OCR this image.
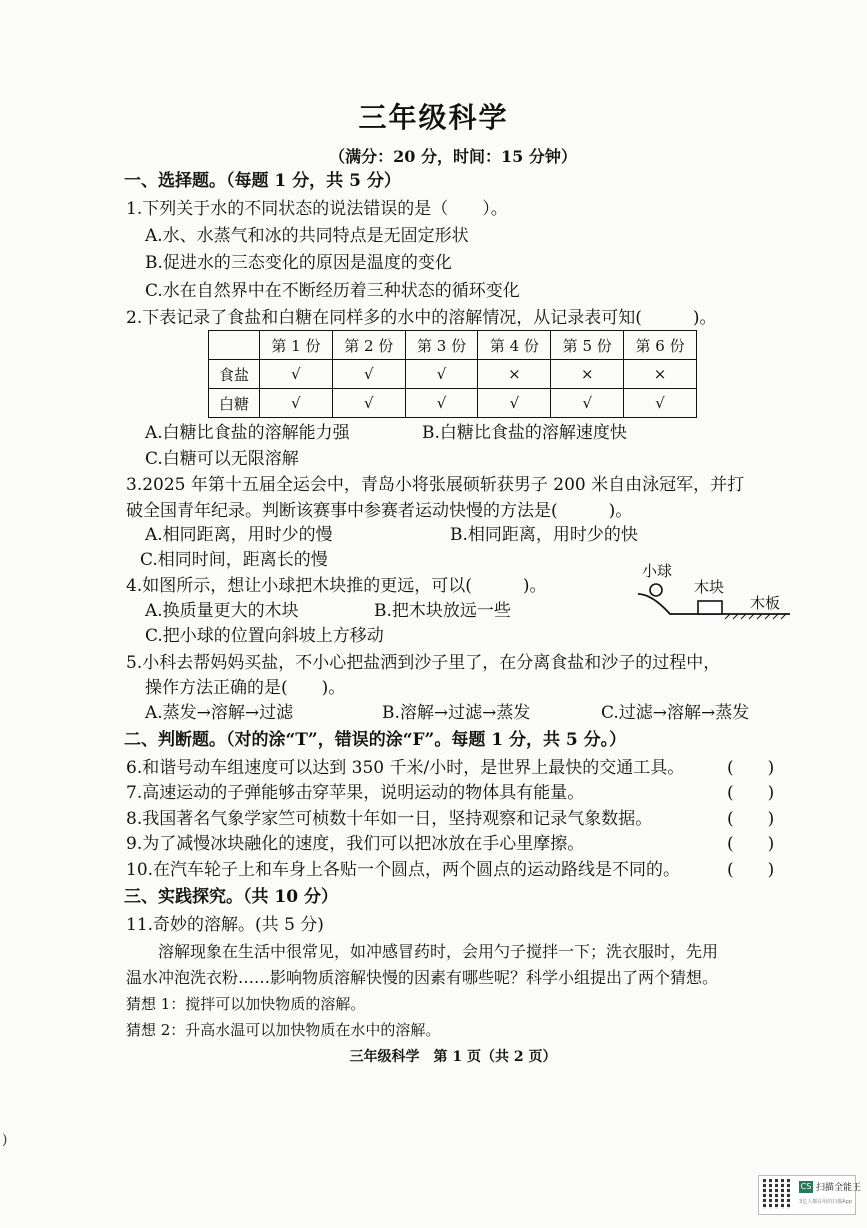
三年级科学
（满分：20 分，时间：15 分钟）
一、选择题。（每题 1 分，共 5 分）
1.下列关于水的不同状态的说法错误的是（　　）。
A.水、水蒸气和冰的共同特点是无固定形状
B.促进水的三态变化的原因是温度的变化
C.水在自然界中在不断经历着三种状态的循环变化
2.下表记录了食盐和白糖在同样多的水中的溶解情况，从记录表可知(　　　)。
	第 1 份	第 2 份	第 3 份	第 4 份	第 5 份	第 6 份
食盐	√	√	√	×	×	×
白糖	√	√	√	√	√	√
A.白糖比食盐的溶解能力强	B.白糖比食盐的溶解速度快
C.白糖可以无限溶解
3.2025 年第十五届全运会中，青岛小将张展硕斩获男子 200 米自由泳冠军，并打
破全国青年纪录。判断该赛事中参赛者运动快慢的方法是(　　　)。
A.相同距离，用时少的慢	B.相同距离，用时少的快
C.相同时间，距离长的慢
4.如图所示，想让小球把木块推的更远，可以(　　　)。
A.换质量更大的木块	B.把木块放远一些
C.把小球的位置向斜坡上方移动
小球
木块
木板
5.小科去帮妈妈买盐，不小心把盐洒到沙子里了，在分离食盐和沙子的过程中，
操作方法正确的是(　　)。
A.蒸发→溶解→过滤	B.溶解→过滤→蒸发	C.过滤→溶解→蒸发
二、判断题。（对的涂“T”，错误的涂“F”。每题 1 分，共 5 分。）
6.和谐号动车组速度可以达到 350 千米/小时，是世界上最快的交通工具。	(　　)
7.高速运动的子弹能够击穿苹果，说明运动的物体具有能量。	(　　)
8.我国著名气象学家竺可桢数十年如一日，坚持观察和记录气象数据。	(　　)
9.为了减慢冰块融化的速度，我们可以把冰放在手心里摩擦。	(　　)
10.在汽车轮子上和车身上各贴一个圆点，两个圆点的运动路线是不同的。	(　　)
三、实践探究。（共 10 分）
11.奇妙的溶解。(共 5 分)
溶解现象在生活中很常见，如冲感冒药时，会用勺子搅拌一下；洗衣服时，先用
温水冲泡洗衣粉……影响物质溶解快慢的因素有哪些呢？科学小组提出了两个猜想。
猜想 1：搅拌可以加快物质的溶解。
猜想 2：升高水温可以加快物质在水中的溶解。
三年级科学　第 1 页（共 2 页）
)
CS 扫描全能王
3亿人都在用的扫描App
